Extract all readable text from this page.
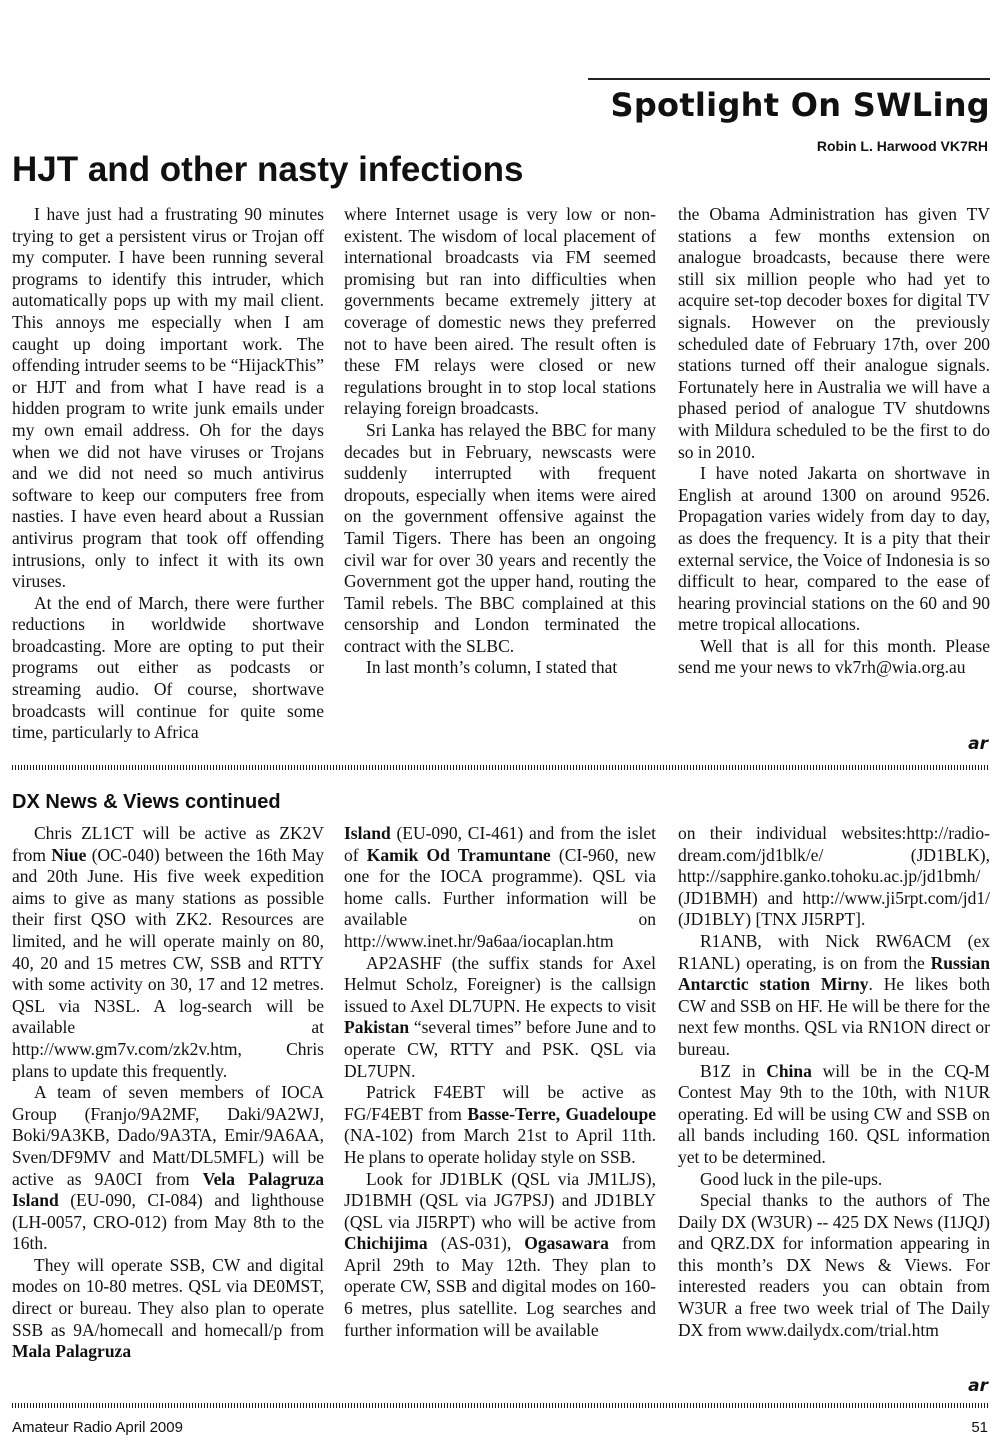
Spotlight On SWLing
Robin L. Harwood VK7RH
HJT and other nasty infections

I have just had a frustrating 90 minutes trying to get a persistent virus or Trojan off my computer. I have been running several programs to identify this intruder, which automatically pops up with my mail client. This annoys me especially when I am caught up doing important work. The offending intruder seems to be “HijackThis” or HJT and from what I have read is a hidden program to write junk emails under my own email address. Oh for the days when we did not have viruses or Trojans and we did not need so much antivirus software to keep our computers free from nasties. I have even heard about a Russian antivirus program that took off offending intrusions, only to infect it with its own viruses.

At the end of March, there were further reductions in worldwide shortwave broadcasting. More are opting to put their programs out either as podcasts or streaming audio. Of course, shortwave broadcasts will continue for quite some time, particularly to Africa

where Internet usage is very low or non-existent. The wisdom of local placement of international broadcasts via FM seemed promising but ran into difficulties when governments became extremely jittery at coverage of domestic news they preferred not to have been aired. The result often is these FM relays were closed or new regulations brought in to stop local stations relaying foreign broadcasts.

Sri Lanka has relayed the BBC for many decades but in February, newscasts were suddenly interrupted with frequent dropouts, especially when items were aired on the government offensive against the Tamil Tigers. There has been an ongoing civil war for over 30 years and recently the Government got the upper hand, routing the Tamil rebels. The BBC complained at this censorship and London terminated the contract with the SLBC.

In last month’s column, I stated that

the Obama Administration has given TV stations a few months extension on analogue broadcasts, because there were still six million people who had yet to acquire set-top decoder boxes for digital TV signals. However on the previously scheduled date of February 17th, over 200 stations turned off their analogue signals. Fortunately here in Australia we will have a phased period of analogue TV shutdowns with Mildura scheduled to be the first to do so in 2010.

I have noted Jakarta on shortwave in English at around 1300 on around 9526. Propagation varies widely from day to day, as does the frequency. It is a pity that their external service, the Voice of Indonesia is so difficult to hear, compared to the ease of hearing provincial stations on the 60 and 90 metre tropical allocations.

Well that is all for this month. Please send me your news to vk7rh@wia.org.au

ar
DX News & Views continued

Chris ZL1CT will be active as ZK2V from Niue (OC-040) between the 16th May and 20th June. His five week expedition aims to give as many stations as possible their first QSO with ZK2. Resources are limited, and he will operate mainly on 80, 40, 20 and 15 metres CW, SSB and RTTY with some activity on 30, 17 and 12 metres. QSL via N3SL. A log-search will be available at http://www.gm7v.com/zk2v.htm, Chris plans to update this frequently.

A team of seven members of IOCA Group (Franjo/9A2MF, Daki/9A2WJ, Boki/9A3KB, Dado/9A3TA, Emir/9A6AA, Sven/DF9MV and Matt/DL5MFL) will be active as 9A0CI from Vela Palagruza Island (EU-090, CI-084) and lighthouse (LH-0057, CRO-012) from May 8th to the 16th.

They will operate SSB, CW and digital modes on 10-80 metres. QSL via DE0MST, direct or bureau. They also plan to operate SSB as 9A/homecall and homecall/p from Mala Palagruza

Island (EU-090, CI-461) and from the islet of Kamik Od Tramuntane (CI-960, new one for the IOCA programme). QSL via home calls. Further information will be available on http://www.inet.hr/9a6aa/iocaplan.htm

AP2ASHF (the suffix stands for Axel Helmut Scholz, Foreigner) is the callsign issued to Axel DL7UPN. He expects to visit Pakistan “several times” before June and to operate CW, RTTY and PSK. QSL via DL7UPN.

Patrick F4EBT will be active as FG/F4EBT from Basse-Terre, Guadeloupe (NA-102) from March 21st to April 11th. He plans to operate holiday style on SSB.

Look for JD1BLK (QSL via JM1LJS), JD1BMH (QSL via JG7PSJ) and JD1BLY (QSL via JI5RPT) who will be active from Chichijima (AS-031), Ogasawara from April 29th to May 12th. They plan to operate CW, SSB and digital modes on 160-6 metres, plus satellite. Log searches and further information will be available

on their individual websites:http://radio-dream.com/jd1blk/e/ (JD1BLK), http://sapphire.ganko.tohoku.ac.jp/jd1bmh/ (JD1BMH) and http://www.ji5rpt.com/jd1/ (JD1BLY) [TNX JI5RPT].

R1ANB, with Nick RW6ACM (ex R1ANL) operating, is on from the Russian Antarctic station Mirny. He likes both CW and SSB on HF. He will be there for the next few months. QSL via RN1ON direct or bureau.

B1Z in China will be in the CQ-M Contest May 9th to the 10th, with N1UR operating. Ed will be using CW and SSB on all bands including 160. QSL information yet to be determined.

Good luck in the pile-ups.

Special thanks to the authors of The Daily DX (W3UR) -- 425 DX News (I1JQJ) and QRZ.DX for information appearing in this month’s DX News & Views. For interested readers you can obtain from W3UR a free two week trial of The Daily DX from www.dailydx.com/trial.htm

ar
Amateur Radio April 2009	51
